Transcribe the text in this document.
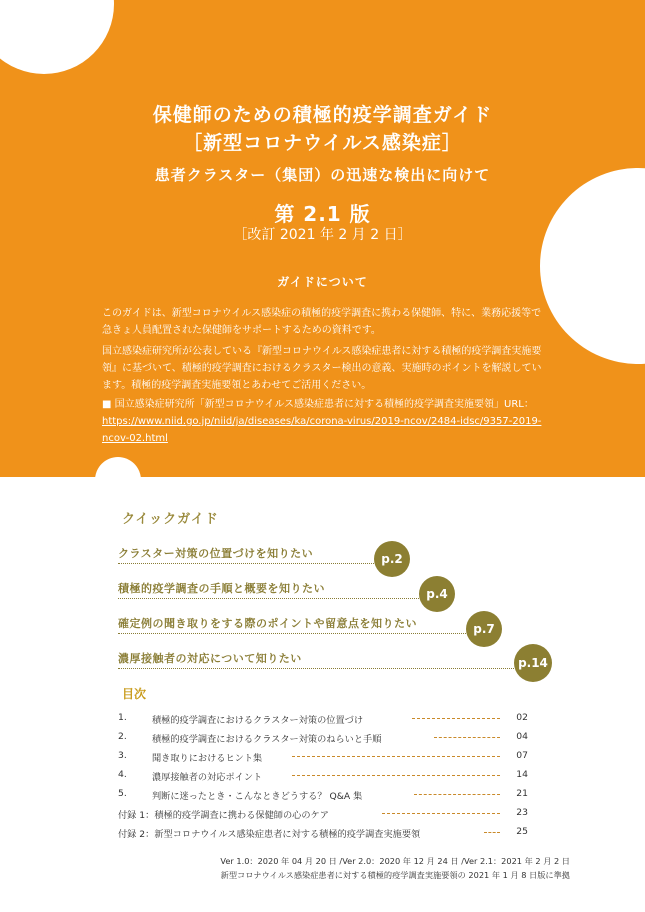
保健師のための積極的疫学調査ガイド
［新型コロナウイルス感染症］
患者クラスター（集団）の迅速な検出に向けて
第 2.1 版
［改訂 2021 年 2 月 2 日］
ガイドについて

このガイドは、新型コロナウイルス感染症の積極的疫学調査に携わる保健師、特に、業務応援等で急きょ人員配置された保健師をサポートするための資料です。

国立感染症研究所が公表している『新型コロナウイルス感染症患者に対する積極的疫学調査実施要領』に基づいて、積極的疫学調査におけるクラスター検出の意義、実施時のポイントを解説しています。積極的疫学調査実施要領とあわせてご活用ください。

■ 国立感染症研究所「新型コロナウイルス感染症患者に対する積極的疫学調査実施要領」URL：https://www.niid.go.jp/niid/ja/diseases/ka/corona-virus/2019-ncov/2484-idsc/9357-2019-ncov-02.html

クイックガイド
クラスター対策の位置づけを知りたい	p.2
積極的疫学調査の手順と概要を知りたい	p.4
確定例の聞き取りをする際のポイントや留意点を知りたい	p.7
濃厚接触者の対応について知りたい	p.14
目次
1.	積極的疫学調査におけるクラスター対策の位置づけ	02
2.	積極的疫学調査におけるクラスター対策のねらいと手順	04
3.	聞き取りにおけるヒント集	07
4.	濃厚接触者の対応ポイント	14
5.	判断に迷ったとき・こんなときどうする？ Q&A 集	21
付録 1：積極的疫学調査に携わる保健師の心のケア	23
付録 2：新型コロナウイルス感染症患者に対する積極的疫学調査実施要領	25
Ver 1.0：2020 年 04 月 20 日 /Ver 2.0：2020 年 12 月 24 日 /Ver 2.1：2021 年 2 月 2 日
新型コロナウイルス感染症患者に対する積極的疫学調査実施要領の 2021 年 1 月 8 日版に準拠
